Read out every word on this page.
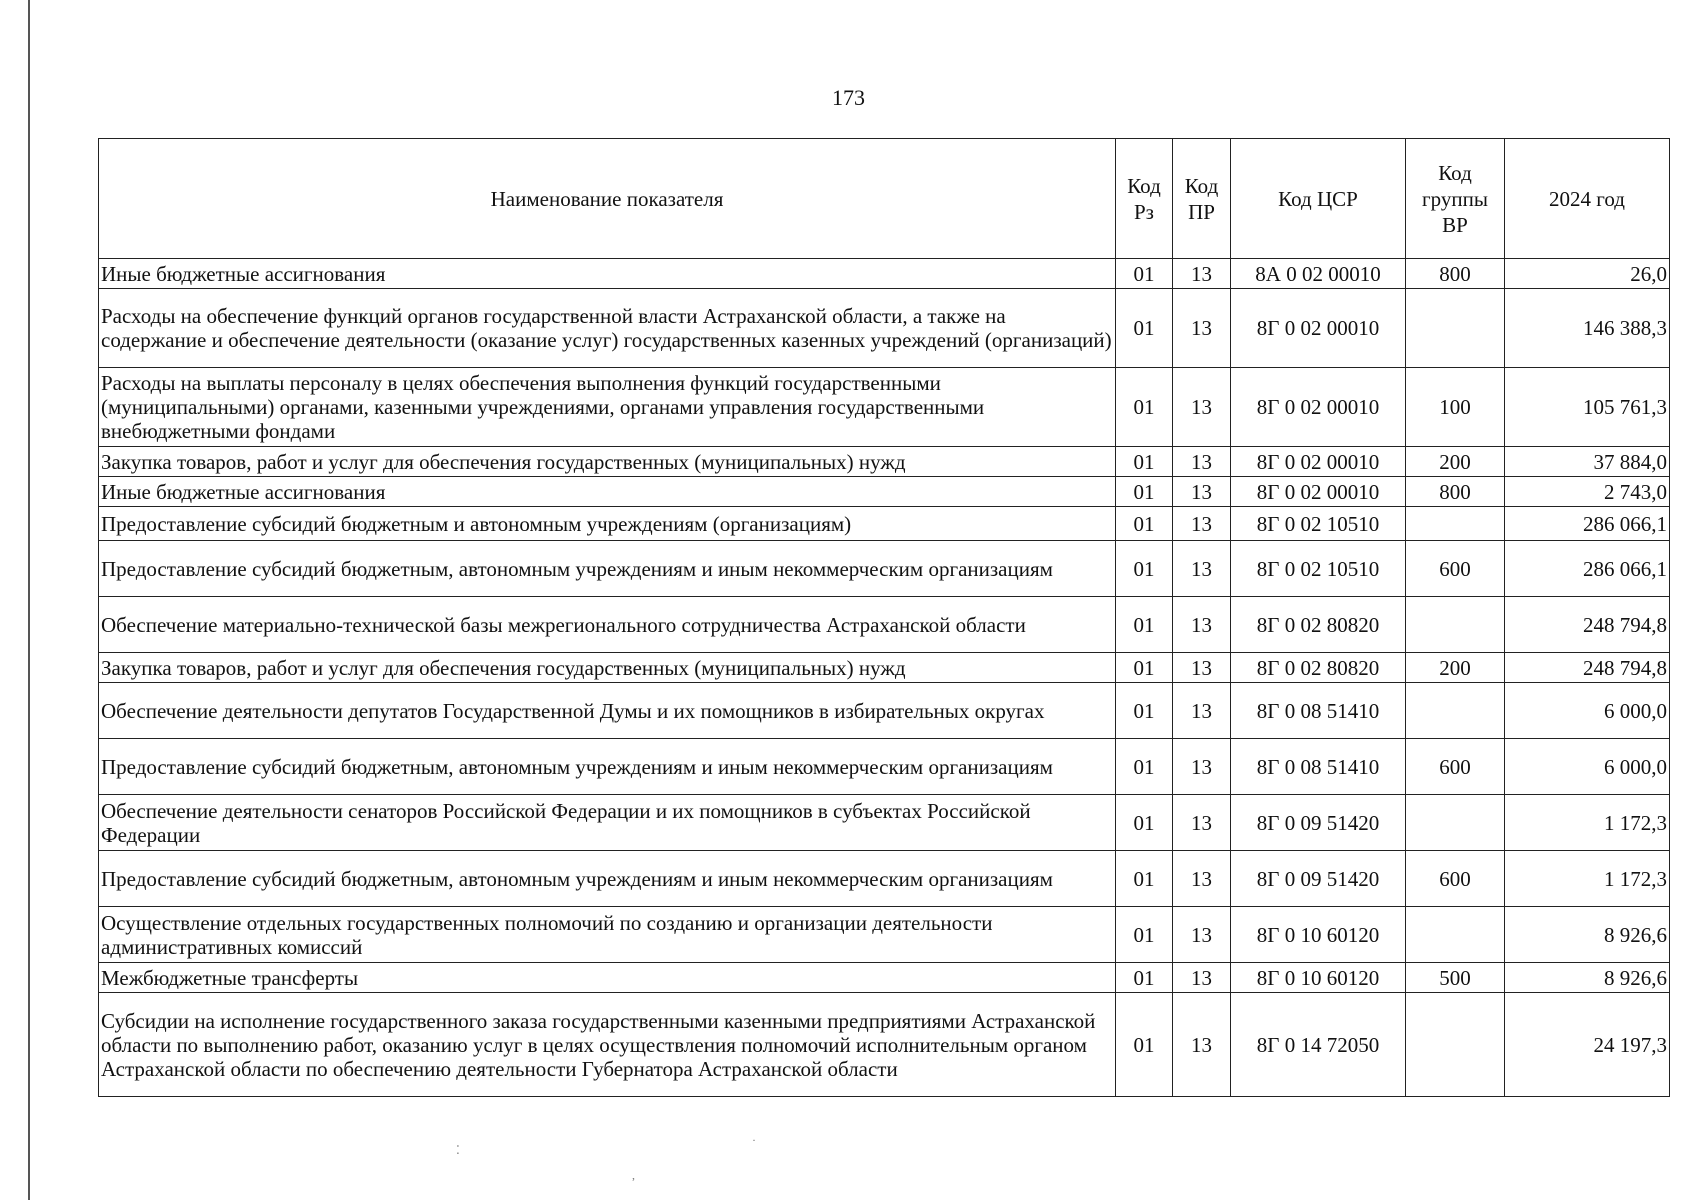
173
Наименование показателя	Код Рз	Код ПР	Код ЦСР	Код группы ВР	2024 год
Иные бюджетные ассигнования	01	13	8А 0 02 00010	800	26,0
Расходы на обеспечение функций органов государственной власти Астраханской области, а также на содержание и обеспечение деятельности (оказание услуг) государственных казенных учреждений (организаций)	01	13	8Г 0 02 00010		146 388,3
Расходы на выплаты персоналу в целях обеспечения выполнения функций государственными (муниципальными) органами, казенными учреждениями, органами управления государственными внебюджетными фондами	01	13	8Г 0 02 00010	100	105 761,3
Закупка товаров, работ и услуг для обеспечения государственных (муниципальных) нужд	01	13	8Г 0 02 00010	200	37 884,0
Иные бюджетные ассигнования	01	13	8Г 0 02 00010	800	2 743,0
Предоставление субсидий бюджетным и автономным учреждениям (организациям)	01	13	8Г 0 02 10510		286 066,1
Предоставление субсидий бюджетным, автономным учреждениям и иным некоммерческим организациям	01	13	8Г 0 02 10510	600	286 066,1
Обеспечение материально-технической базы межрегионального сотрудничества Астраханской области	01	13	8Г 0 02 80820		248 794,8
Закупка товаров, работ и услуг для обеспечения государственных (муниципальных) нужд	01	13	8Г 0 02 80820	200	248 794,8
Обеспечение деятельности депутатов Государственной Думы и их помощников в избирательных округах	01	13	8Г 0 08 51410		6 000,0
Предоставление субсидий бюджетным, автономным учреждениям и иным некоммерческим организациям	01	13	8Г 0 08 51410	600	6 000,0
Обеспечение деятельности сенаторов Российской Федерации и их помощников в субъектах Российской Федерации	01	13	8Г 0 09 51420		1 172,3
Предоставление субсидий бюджетным, автономным учреждениям и иным некоммерческим организациям	01	13	8Г 0 09 51420	600	1 172,3
Осуществление отдельных государственных полномочий по созданию и организации деятельности административных комиссий	01	13	8Г 0 10 60120		8 926,6
Межбюджетные трансферты	01	13	8Г 0 10 60120	500	8 926,6
Субсидии на исполнение государственного заказа государственными казенными предприятиями Астраханской области по выполнению работ, оказанию услуг в целях осуществления полномочий исполнительным органом Астраханской области по обеспечению деятельности Губернатора Астраханской области	01	13	8Г 0 14 72050		24 197,3
⁚
·
,
